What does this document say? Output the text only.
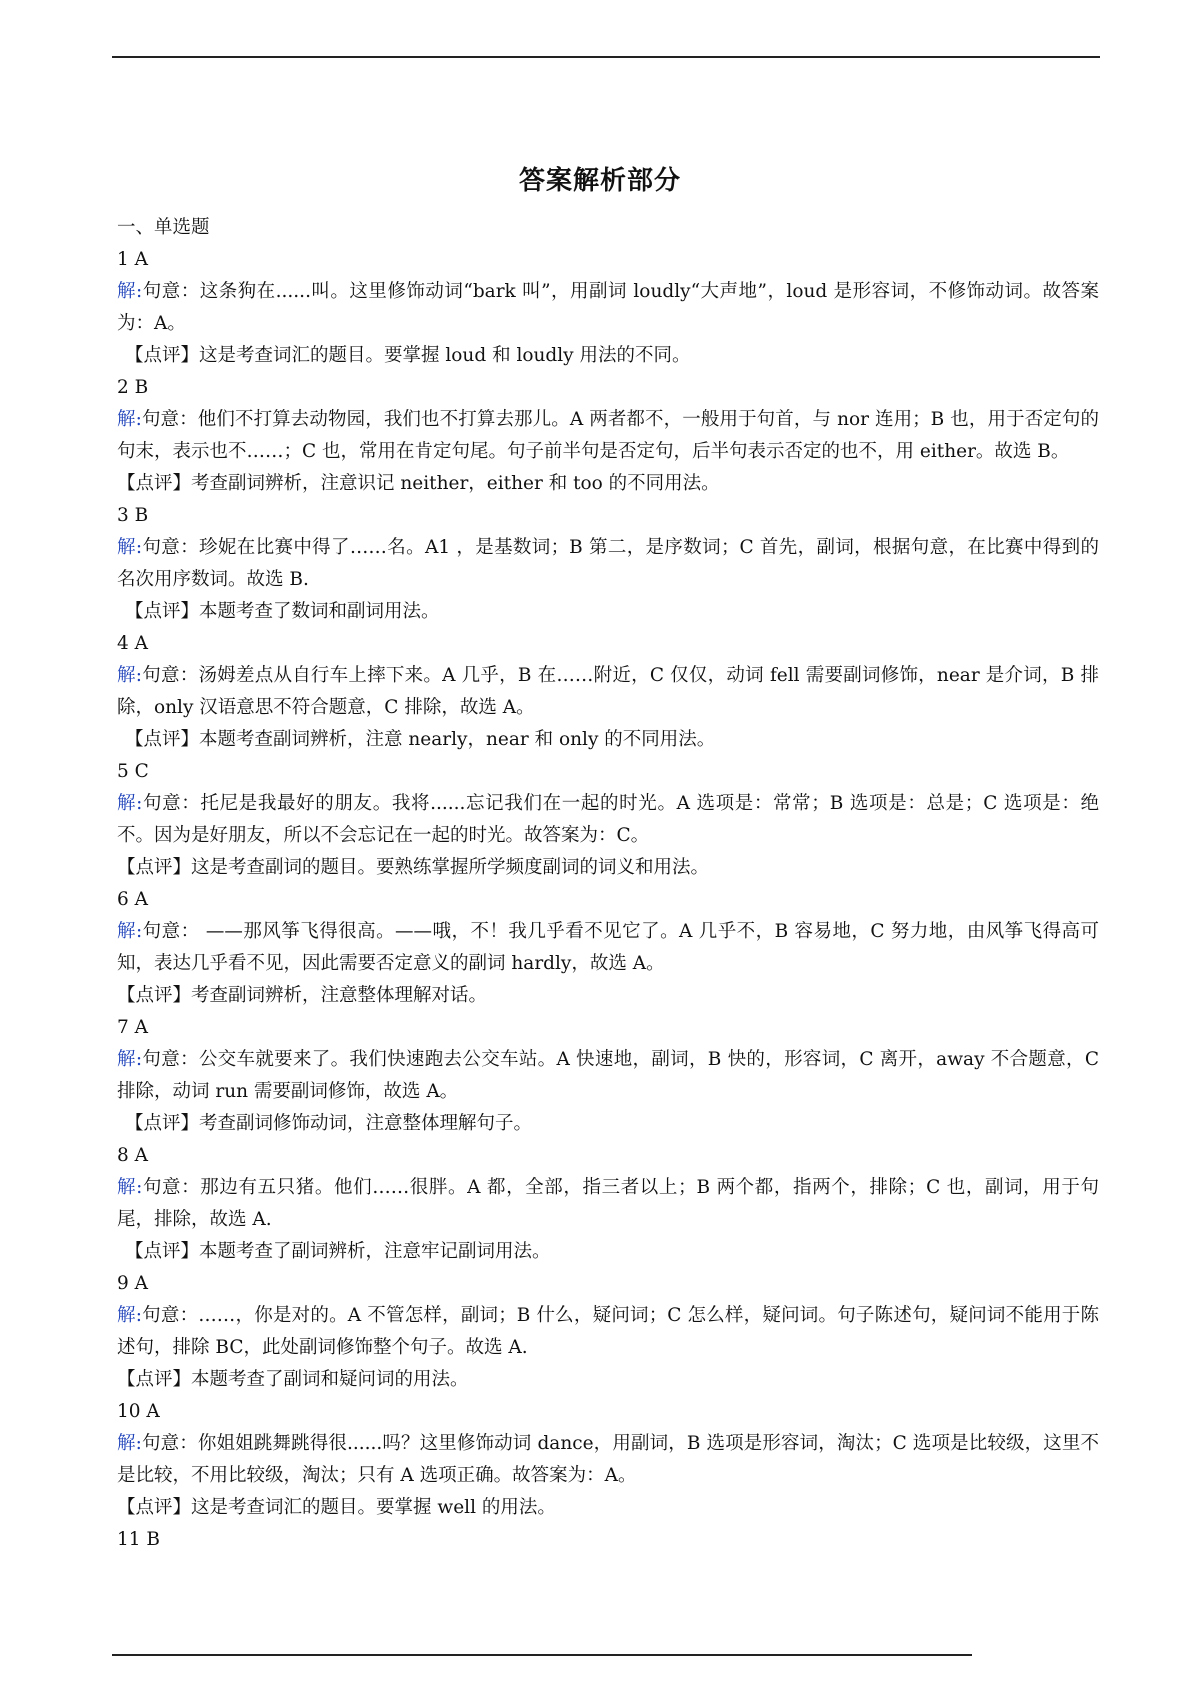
答案解析部分

一、单选题

1 A

解:句意：这条狗在......叫。这里修饰动词“bark 叫”，用副词 loudly“大声地”，loud 是形容词，不修饰动词。故答案为：A。

【点评】这是考查词汇的题目。要掌握 loud 和 loudly 用法的不同。

2 B

解:句意：他们不打算去动物园，我们也不打算去那儿。A 两者都不，一般用于句首，与 nor 连用；B 也，用于否定句的句末，表示也不……；C 也，常用在肯定句尾。句子前半句是否定句，后半句表示否定的也不，用 either。故选 B。

【点评】考查副词辨析，注意识记 neither，either 和 too 的不同用法。

3 B

解:句意：珍妮在比赛中得了……名。A1 ，是基数词；B 第二，是序数词；C 首先，副词，根据句意，在比赛中得到的名次用序数词。故选 B.

【点评】本题考查了数词和副词用法。

4 A

解:句意：汤姆差点从自行车上摔下来。A 几乎，B 在……附近，C 仅仅，动词 fell 需要副词修饰，near 是介词，B 排除，only 汉语意思不符合题意，C 排除，故选 A。

【点评】本题考查副词辨析，注意 nearly，near 和 only 的不同用法。

5 C

解:句意：托尼是我最好的朋友。我将......忘记我们在一起的时光。A 选项是：常常；B 选项是：总是；C 选项是：绝不。因为是好朋友，所以不会忘记在一起的时光。故答案为：C。

【点评】这是考查副词的题目。要熟练掌握所学频度副词的词义和用法。

6 A

解:句意： ——那风筝飞得很高。——哦，不！我几乎看不见它了。A 几乎不，B 容易地，C 努力地，由风筝飞得高可知，表达几乎看不见，因此需要否定意义的副词 hardly，故选 A。

【点评】考查副词辨析，注意整体理解对话。

7 A

解:句意：公交车就要来了。我们快速跑去公交车站。A 快速地，副词，B 快的，形容词，C 离开，away 不合题意，C 排除，动词 run 需要副词修饰，故选 A。

【点评】考查副词修饰动词，注意整体理解句子。

8 A

解:句意：那边有五只猪。他们……很胖。A 都，全部，指三者以上；B 两个都，指两个，排除；C 也，副词，用于句尾，排除，故选 A.

【点评】本题考查了副词辨析，注意牢记副词用法。

9 A

解:句意：……，你是对的。A 不管怎样，副词；B 什么，疑问词；C 怎么样，疑问词。句子陈述句，疑问词不能用于陈述句，排除 BC，此处副词修饰整个句子。故选 A.

【点评】本题考查了副词和疑问词的用法。

10 A

解:句意：你姐姐跳舞跳得很......吗？这里修饰动词 dance，用副词，B 选项是形容词，淘汰；C 选项是比较级，这里不是比较，不用比较级，淘汰；只有 A 选项正确。故答案为：A。

【点评】这是考查词汇的题目。要掌握 well 的用法。

11 B
